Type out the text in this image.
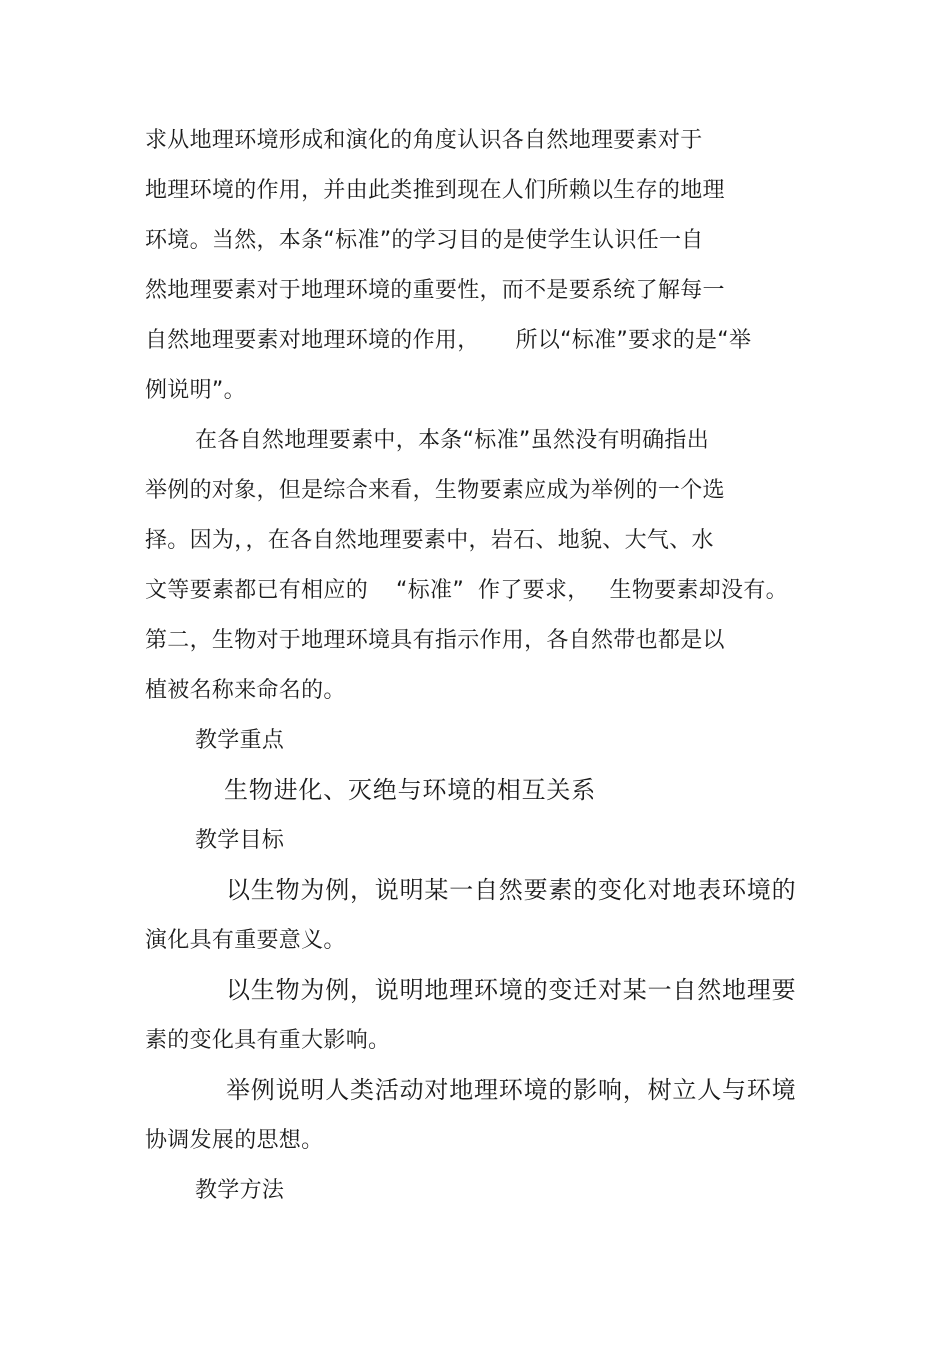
求从地理环境形成和演化的角度认识各自然地理要素对于
地理环境的作用，并由此类推到现在人们所赖以生存的地理
环境。当然，本条“标准”的学习目的是使学生认识任一自
然地理要素对于地理环境的重要性，而不是要系统了解每一
自然地理要素对地理环境的作用， 所以“标准”要求的是“举
例说明”。
在各自然地理要素中，本条“标准”虽然没有明确指出
举例的对象，但是综合来看，生物要素应成为举例的一个选
择。因为，，在各自然地理要素中，岩石、地貌、大气、水
文等要素都已有相应的 “标准” 作了要求， 生物要素却没有。
第二，生物对于地理环境具有指示作用，各自然带也都是以
植被名称来命名的。
教学重点
生物进化、灭绝与环境的相互关系
教学目标
以生物为例，说明某一自然要素的变化对地表环境的
演化具有重要意义。
以生物为例，说明地理环境的变迁对某一自然地理要
素的变化具有重大影响。
举例说明人类活动对地理环境的影响，树立人与环境
协调发展的思想。
教学方法
